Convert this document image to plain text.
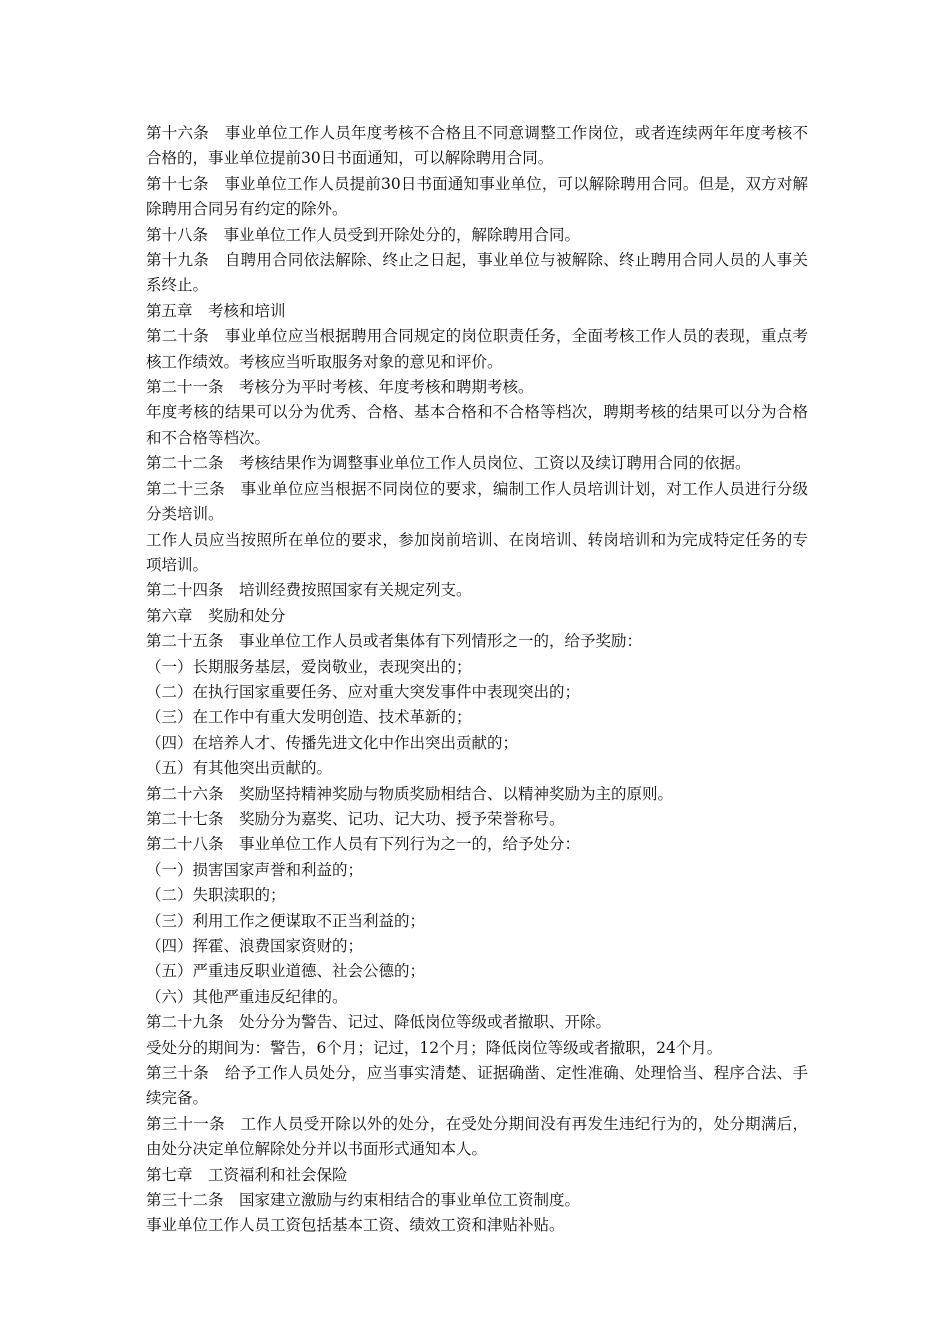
第十六条　事业单位工作人员年度考核不合格且不同意调整工作岗位，或者连续两年年度考核不合格的，事业单位提前30日书面通知，可以解除聘用合同。

第十七条　事业单位工作人员提前30日书面通知事业单位，可以解除聘用合同。但是，双方对解除聘用合同另有约定的除外。

第十八条　事业单位工作人员受到开除处分的，解除聘用合同。

第十九条　自聘用合同依法解除、终止之日起，事业单位与被解除、终止聘用合同人员的人事关系终止。

第五章　考核和培训

第二十条　事业单位应当根据聘用合同规定的岗位职责任务，全面考核工作人员的表现，重点考核工作绩效。考核应当听取服务对象的意见和评价。

第二十一条　考核分为平时考核、年度考核和聘期考核。

年度考核的结果可以分为优秀、合格、基本合格和不合格等档次，聘期考核的结果可以分为合格和不合格等档次。

第二十二条　考核结果作为调整事业单位工作人员岗位、工资以及续订聘用合同的依据。

第二十三条　事业单位应当根据不同岗位的要求，编制工作人员培训计划，对工作人员进行分级分类培训。

工作人员应当按照所在单位的要求，参加岗前培训、在岗培训、转岗培训和为完成特定任务的专项培训。

第二十四条　培训经费按照国家有关规定列支。

第六章　奖励和处分

第二十五条　事业单位工作人员或者集体有下列情形之一的，给予奖励：

（一）长期服务基层，爱岗敬业，表现突出的；

（二）在执行国家重要任务、应对重大突发事件中表现突出的；

（三）在工作中有重大发明创造、技术革新的；

（四）在培养人才、传播先进文化中作出突出贡献的；

（五）有其他突出贡献的。

第二十六条　奖励坚持精神奖励与物质奖励相结合、以精神奖励为主的原则。

第二十七条　奖励分为嘉奖、记功、记大功、授予荣誉称号。

第二十八条　事业单位工作人员有下列行为之一的，给予处分：

（一）损害国家声誉和利益的；

（二）失职渎职的；

（三）利用工作之便谋取不正当利益的；

（四）挥霍、浪费国家资财的；

（五）严重违反职业道德、社会公德的；

（六）其他严重违反纪律的。

第二十九条　处分分为警告、记过、降低岗位等级或者撤职、开除。

受处分的期间为：警告，6个月；记过，12个月；降低岗位等级或者撤职，24个月。

第三十条　给予工作人员处分，应当事实清楚、证据确凿、定性准确、处理恰当、程序合法、手续完备。

第三十一条　工作人员受开除以外的处分，在受处分期间没有再发生违纪行为的，处分期满后，由处分决定单位解除处分并以书面形式通知本人。

第七章　工资福利和社会保险

第三十二条　国家建立激励与约束相结合的事业单位工资制度。

事业单位工作人员工资包括基本工资、绩效工资和津贴补贴。
